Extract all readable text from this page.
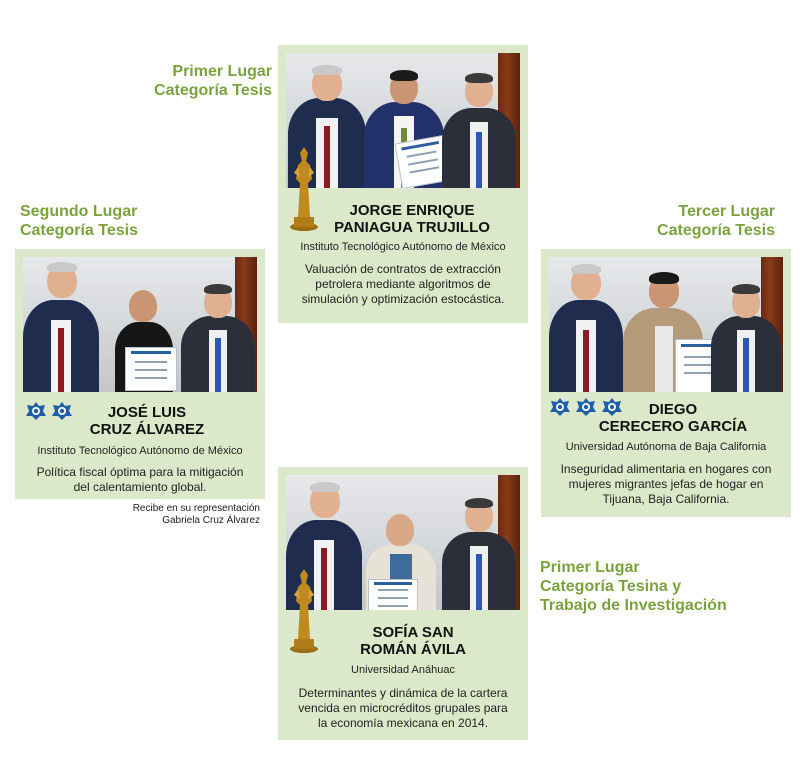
Primer Lugar
Categoría Tesis
JORGE ENRIQUE
PANIAGUA TRUJILLO
Instituto Tecnológico Autónomo de México
Valuación de contratos de extracción
petrolera mediante algoritmos de
simulación y optimización estocástica.
Segundo Lugar
Categoría Tesis
JOSÉ LUIS
CRUZ ÁLVAREZ
Instituto Tecnológico Autónomo de México
Política fiscal óptima para la mitigación
del calentamiento global.
Recibe en su representación
Gabriela Cruz Álvarez
Tercer Lugar
Categoría Tesis
DIEGO
CERECERO GARCÍA
Universidad Autónoma de Baja California
Inseguridad alimentaria en hogares con
mujeres migrantes jefas de hogar en
Tijuana, Baja California.
SOFÍA SAN
ROMÁN ÁVILA
Universidad Anáhuac
Determinantes y dinámica de la cartera
vencida en microcréditos grupales para
la economía mexicana en 2014.
Primer Lugar
Categoría Tesina y
Trabajo de Investigación
